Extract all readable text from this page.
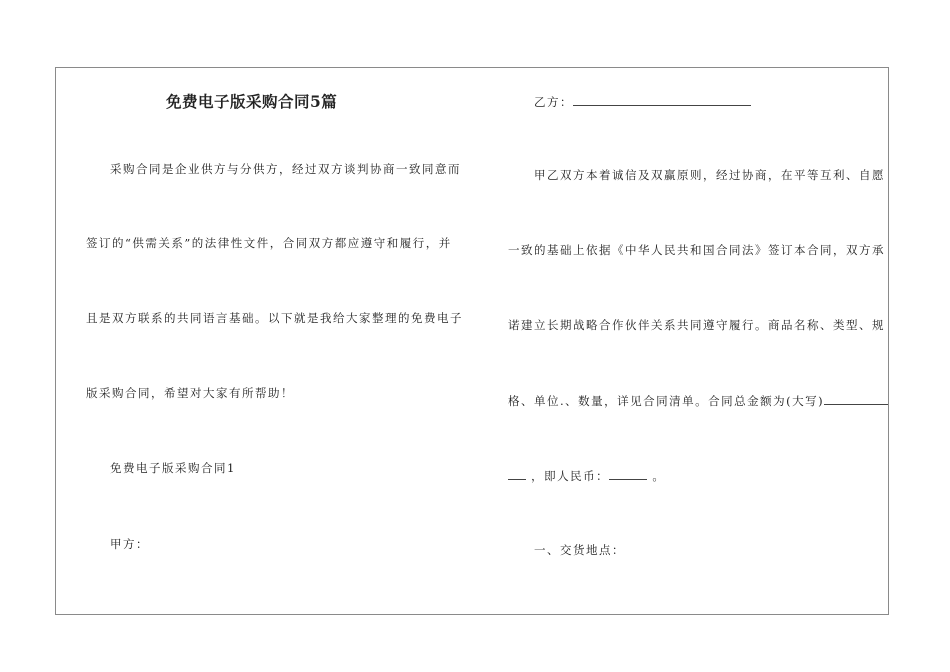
免费电子版采购合同5篇
采购合同是企业供方与分供方，经过双方谈判协商一致同意而
签订的“供需关系”的法律性文件，合同双方都应遵守和履行，并
且是双方联系的共同语言基础。以下就是我给大家整理的免费电子
版采购合同，希望对大家有所帮助！
免费电子版采购合同1
甲方：
乙方：
甲乙双方本着诚信及双赢原则，经过协商，在平等互利、自愿
一致的基础上依据《中华人民共和国合同法》签订本合同，双方承
诺建立长期战略合作伙伴关系共同遵守履行。商品名称、类型、规
格、单位.、数量，详见合同清单。合同总金额为(大写)
，即人民币：	。
一、交货地点：
